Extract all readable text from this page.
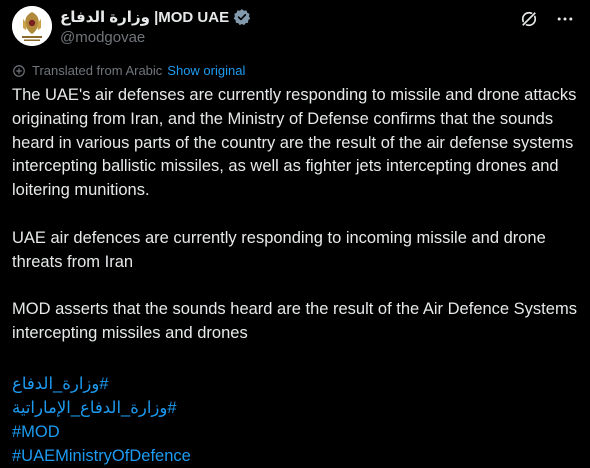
وزارة الدفاع |MOD UAE
@modgovae
Translated from Arabic Show original

The UAE's air defenses are currently responding to missile and drone attacks originating from Iran, and the Ministry of Defense confirms that the sounds heard in various parts of the country are the result of the air defense systems intercepting ballistic missiles, as well as fighter jets intercepting drones and loitering munitions.

UAE air defences are currently responding to incoming missile and drone threats from Iran

MOD asserts that the sounds heard are the result of the Air Defence Systems intercepting missiles and drones

#وزارة_الدفاع
#وزارة_الدفاع_الإماراتية
#MOD
#UAEMinistryOfDefence
